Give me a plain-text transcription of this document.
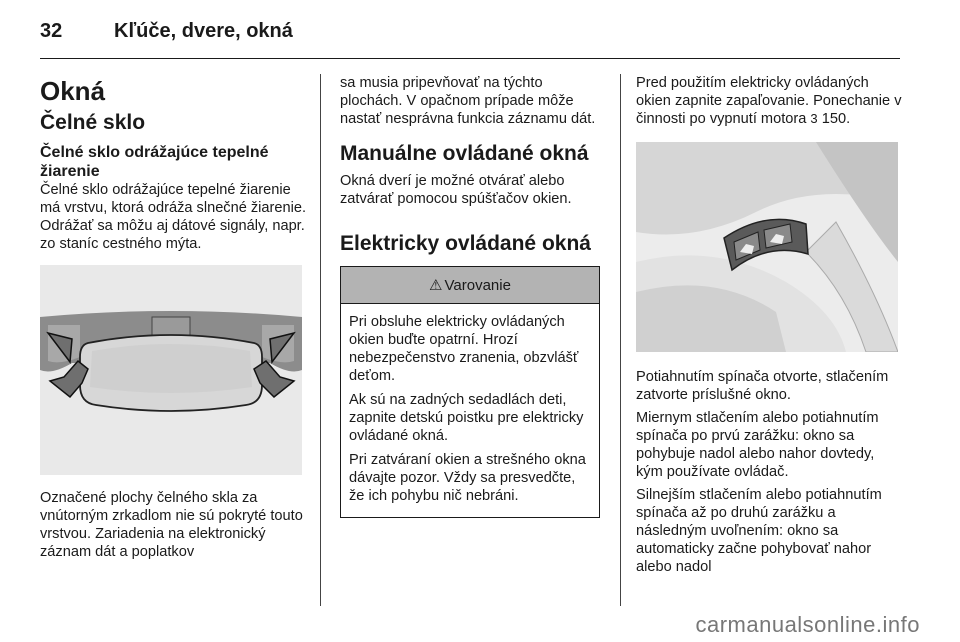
32	Kľúče, dvere, okná
Okná
Čelné sklo
Čelné sklo odrážajúce tepelné žiarenie
Čelné sklo odrážajúce tepelné žiarenie má vrstvu, ktorá odráža slnečné žiarenie. Odrážať sa môžu aj dátové signály, napr. zo staníc cestného mýta.
Označené plochy čelného skla za vnútorným zrkadlom nie sú pokryté touto vrstvou. Zariadenia na elektronický záznam dát a poplatkov
sa musia pripevňovať na týchto plochách. V opačnom prípade môže nastať nesprávna funkcia záznamu dát.
Manuálne ovládané okná
Okná dverí je možné otvárať alebo zatvárať pomocou spúšťačov okien.
Elektricky ovládané okná
⚠ Varovanie
Pri obsluhe elektricky ovládaných okien buďte opatrní. Hrozí nebezpečenstvo zranenia, obzvlášť deťom.
Ak sú na zadných sedadlách deti, zapnite detskú poistku pre elektricky ovládané okná.
Pri zatváraní okien a strešného okna dávajte pozor. Vždy sa presvedčte, že ich pohybu nič nebráni.
Pred použitím elektricky ovládaných okien zapnite zapaľovanie. Ponechanie v činnosti po vypnutí motora 3 150.
Potiahnutím spínača otvorte, stlačením zatvorte príslušné okno.
Miernym stlačením alebo potiahnutím spínača po prvú zarážku: okno sa pohybuje nadol alebo nahor dovtedy, kým používate ovládač.
Silnejším stlačením alebo potiahnutím spínača až po druhú zarážku a následným uvoľnením: okno sa automaticky začne pohybovať nahor alebo nadol
carmanualsonline.info
